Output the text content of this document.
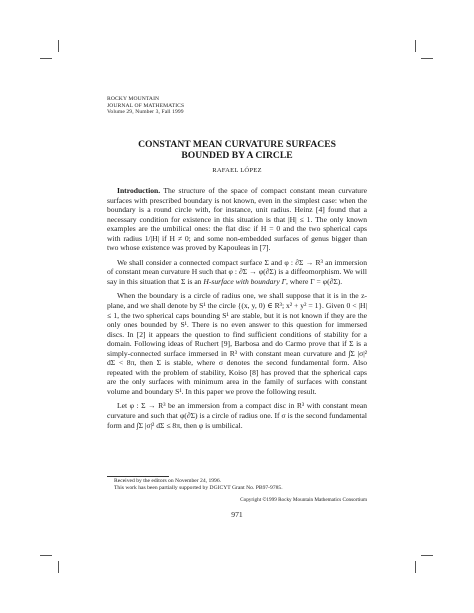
ROCKY MOUNTAIN
JOURNAL OF MATHEMATICS
Volume 29, Number 3, Fall 1999
CONSTANT MEAN CURVATURE SURFACES
BOUNDED BY A CIRCLE
RAFAEL LÓPEZ

Introduction. The structure of the space of compact constant mean curvature surfaces with prescribed boundary is not known, even in the simplest case: when the boundary is a round circle with, for instance, unit radius. Heinz [4] found that a necessary condition for existence in this situation is that |H| ≤ 1. The only known examples are the umbilical ones: the flat disc if H = 0 and the two spherical caps with radius 1/|H| if H ≠ 0; and some non-embedded surfaces of genus bigger than two whose existence was proved by Kapouleas in [7].

We shall consider a connected compact surface Σ and φ : ∂Σ → R³ an immersion of constant mean curvature H such that φ : ∂Σ → φ(∂Σ) is a diffeomorphism. We will say in this situation that Σ is an H-surface with boundary Γ, where Γ = φ(∂Σ).

When the boundary is a circle of radius one, we shall suppose that it is in the z-plane, and we shall denote by S¹ the circle {(x, y, 0) ∈ R³; x² + y² = 1}. Given 0 < |H| ≤ 1, the two spherical caps bounding S¹ are stable, but it is not known if they are the only ones bounded by S¹. There is no even answer to this question for immersed discs. In [2] it appears the question to find sufficient conditions of stability for a domain. Following ideas of Ruchert [9], Barbosa and do Carmo prove that if Σ is a simply-connected surface immersed in R³ with constant mean curvature and ∫Σ |σ|² dΣ < 8π, then Σ is stable, where σ denotes the second fundamental form. Also repeated with the problem of stability, Koiso [8] has proved that the spherical caps are the only surfaces with minimum area in the family of surfaces with constant volume and boundary S¹. In this paper we prove the following result.

Let φ : Σ → R³ be an immersion from a compact disc in R³ with constant mean curvature and such that φ(∂Σ) is a circle of radius one. If σ is the second fundamental form and ∫Σ |σ|² dΣ ≤ 8π, then φ is umbilical.

Received by the editors on November 24, 1996.
This work has been partially supported by DGICYT Grant No. PB97-9785.
Copyright ©1999 Rocky Mountain Mathematics Consortium
971
